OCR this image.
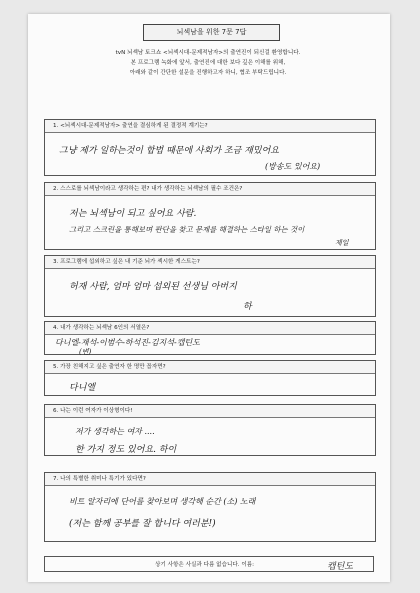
뇌섹남을 위한 7문 7답
tvN 뇌섹남 토크쇼 <뇌섹시대-문제적남자>의 출연진이 되신걸 환영합니다.
본 프로그램 녹화에 앞서, 출연진에 대한 보다 깊은 이해를 위해,
아래와 같이 간단한 설문을 진행하고자 하니, 협조 부탁드립니다.
1. <뇌섹시대-문제적남자> 출연을 결심하게 된 결정적 계기는?
그냥 제가 일하는것이 합법 때문에 사회가 조금 재밌어요
(방송도 있어요)
2. 스스로를 뇌섹남이라고 생각하는 편? 내가 생각하는 뇌섹남의 필수 조건은?
저는 뇌섹남이 되고 싶어요 사람.
그리고 스크린을 통해보며 판단을 찾고 문제를 해결하는 스타일 하는 것이
제일
3. 프로그램에 섭외하고 싶은 내 기준 뇌가 섹시한 게스트는?
허재 사람, 엄마 엄마 섭외된 선생님 아버지
하
4. 내가 생각하는 뇌섹남 6인의 서열은?
다니엘-재석-이범수-하석진-김지석-캡틴도
(변)
5. 가장 친해지고 싶은 출연자 한 명만 꼽자면?
다니엘
6. 나는 이런 여자가 이상형이다!
저가 생각하는 여자 ....
한 가지 정도 있어요. 하이
7. 나의 특별한 취미나 특기가 있다면?
비트 알자리에 단어를 찾아보며 생각해 순간 (소) 노래
(저는 함께 공부를 잘 합니다 여러분!)
상기 사항은 사실과 다름 없습니다. 이름:	캡틴도
